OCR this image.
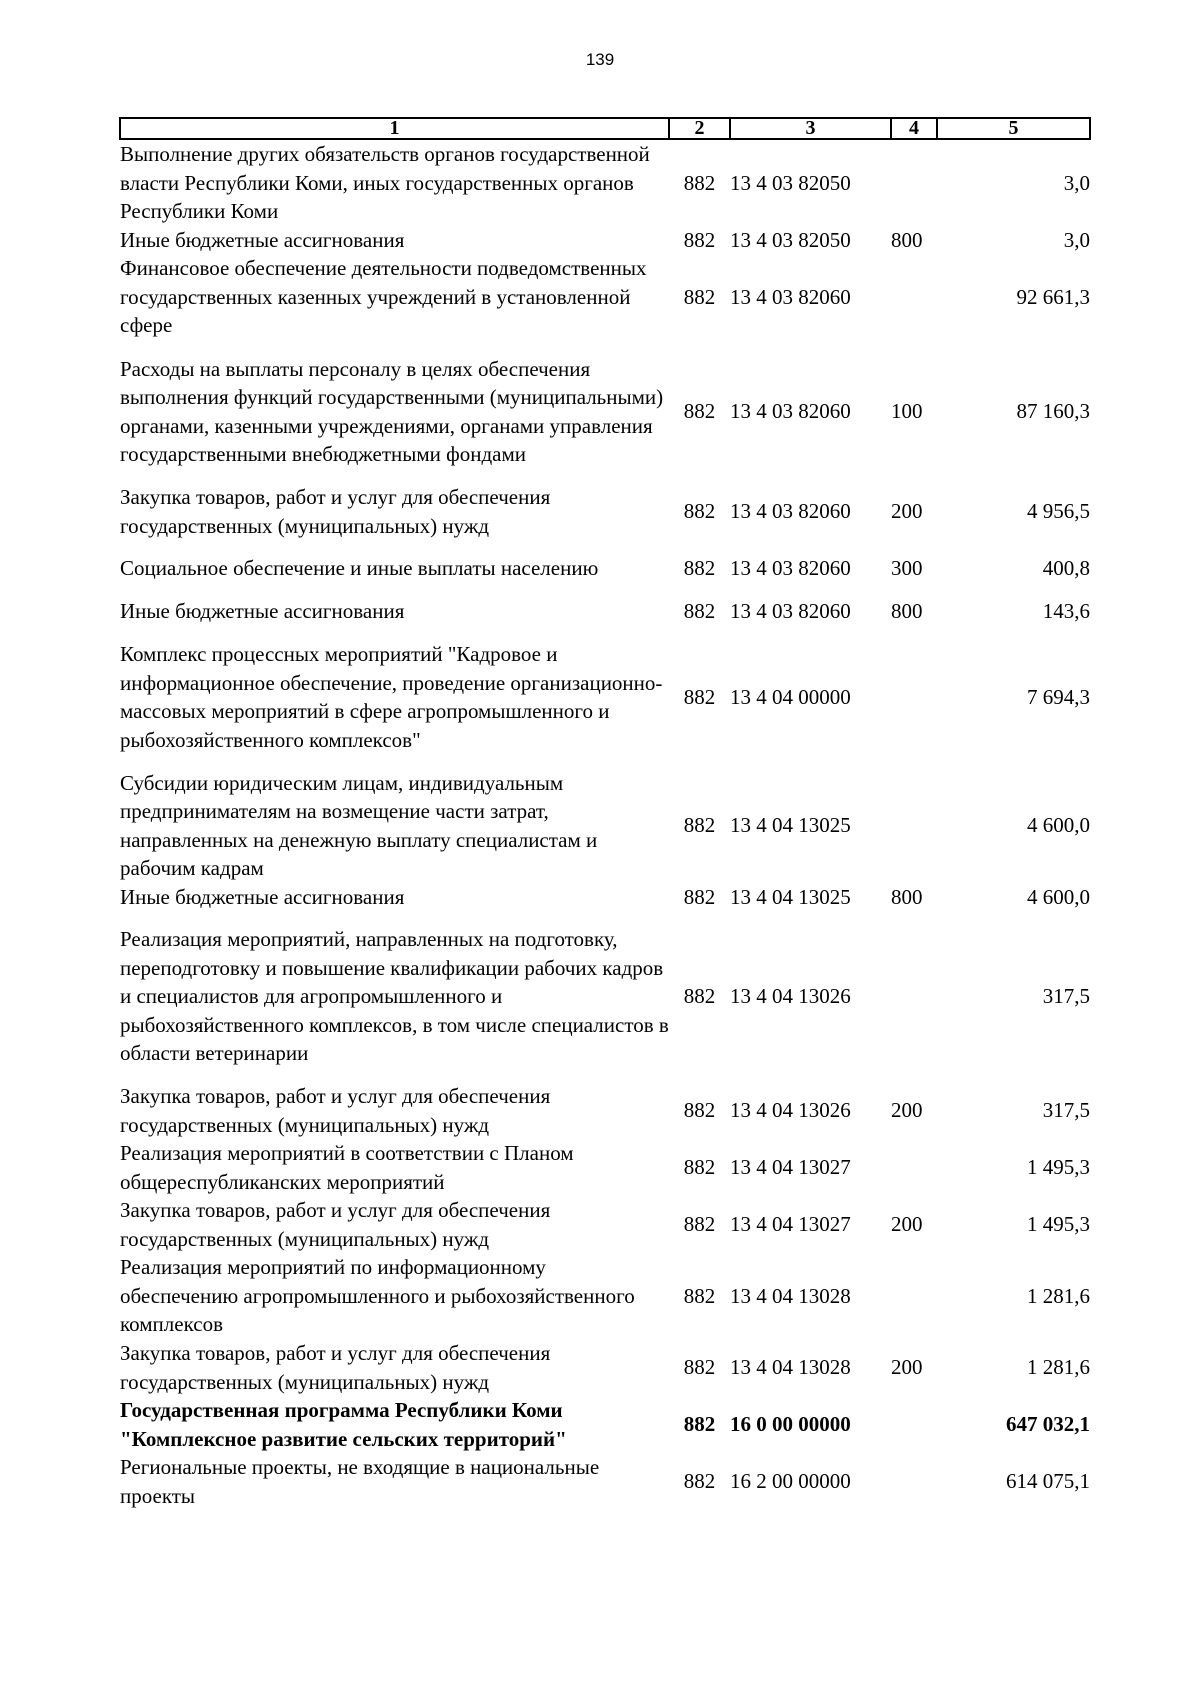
139
1	2	3	4	5
Выполнение других обязательств органов государственной власти Республики Коми, иных государственных органов Республики Коми	882	13 4 03 82050		3,0
Иные бюджетные ассигнования	882	13 4 03 82050	800	3,0
Финансовое обеспечение деятельности подведомственных государственных казенных учреждений в установленной сфере	882	13 4 03 82060		92 661,3
Расходы на выплаты персоналу в целях обеспечения выполнения функций государственными (муниципальными) органами, казенными учреждениями, органами управления государственными внебюджетными фондами	882	13 4 03 82060	100	87 160,3
Закупка товаров, работ и услуг для обеспечения государственных (муниципальных) нужд	882	13 4 03 82060	200	4 956,5
Социальное обеспечение и иные выплаты населению	882	13 4 03 82060	300	400,8
Иные бюджетные ассигнования	882	13 4 03 82060	800	143,6
Комплекс процессных мероприятий "Кадровое и информационное обеспечение, проведение организационно-массовых мероприятий в сфере агропромышленного и рыбохозяйственного комплексов"	882	13 4 04 00000		7 694,3
Субсидии юридическим лицам, индивидуальным предпринимателям на возмещение части затрат, направленных на денежную выплату специалистам и рабочим кадрам	882	13 4 04 13025		4 600,0
Иные бюджетные ассигнования	882	13 4 04 13025	800	4 600,0
Реализация мероприятий, направленных на подготовку, переподготовку и повышение квалификации рабочих кадров и специалистов для агропромышленного и рыбохозяйственного комплексов, в том числе специалистов в области ветеринарии	882	13 4 04 13026		317,5
Закупка товаров, работ и услуг для обеспечения государственных (муниципальных) нужд	882	13 4 04 13026	200	317,5
Реализация мероприятий в соответствии с Планом общереспубликанских мероприятий	882	13 4 04 13027		1 495,3
Закупка товаров, работ и услуг для обеспечения государственных (муниципальных) нужд	882	13 4 04 13027	200	1 495,3
Реализация мероприятий по информационному обеспечению агропромышленного и рыбохозяйственного комплексов	882	13 4 04 13028		1 281,6
Закупка товаров, работ и услуг для обеспечения государственных (муниципальных) нужд	882	13 4 04 13028	200	1 281,6
Государственная программа Республики Коми "Комплексное развитие сельских территорий"	882	16 0 00 00000		647 032,1
Региональные проекты, не входящие в национальные проекты	882	16 2 00 00000		614 075,1
